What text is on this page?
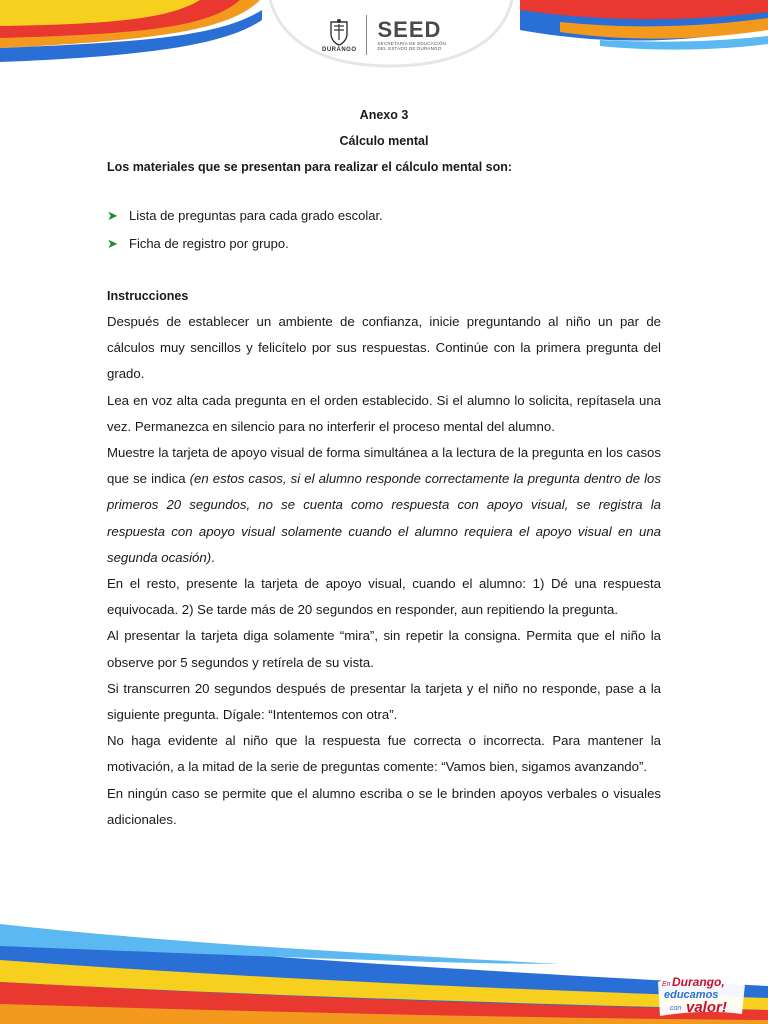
DURANGO
SEED
SECRETARÍA DE EDUCACIÓN
DEL ESTADO DE DURANGO
Anexo 3
Cálculo mental
Los materiales que se presentan para realizar el cálculo mental son:
➤ Lista de preguntas para cada grado escolar.
➤ Ficha de registro por grupo.
Instrucciones

Después de establecer un ambiente de confianza, inicie preguntando al niño un par de cálculos muy sencillos y felicítelo por sus respuestas. Continúe con la primera pregunta del grado.

Lea en voz alta cada pregunta en el orden establecido. Si el alumno lo solicita, repítasela una vez. Permanezca en silencio para no interferir el proceso mental del alumno.

Muestre la tarjeta de apoyo visual de forma simultánea a la lectura de la pregunta en los casos que se indica (en estos casos, si el alumno responde correctamente la pregunta dentro de los primeros 20 segundos, no se cuenta como respuesta con apoyo visual, se registra la respuesta con apoyo visual solamente cuando el alumno requiera el apoyo visual en una segunda ocasión).

En el resto, presente la tarjeta de apoyo visual, cuando el alumno: 1) Dé una respuesta equivocada. 2) Se tarde más de 20 segundos en responder, aun repitiendo la pregunta.

Al presentar la tarjeta diga solamente “mira”, sin repetir la consigna. Permita que el niño la observe por 5 segundos y retírela de su vista.

Si transcurren 20 segundos después de presentar la tarjeta y el niño no responde, pase a la siguiente pregunta. Dígale: “Intentemos con otra”.

No haga evidente al niño que la respuesta fue correcta o incorrecta. Para mantener la motivación, a la mitad de la serie de preguntas comente: “Vamos bien, sigamos avanzando”.

En ningún caso se permite que el alumno escriba o se le brinden apoyos verbales o visuales adicionales.

En Durango,
educamos
con valor!
